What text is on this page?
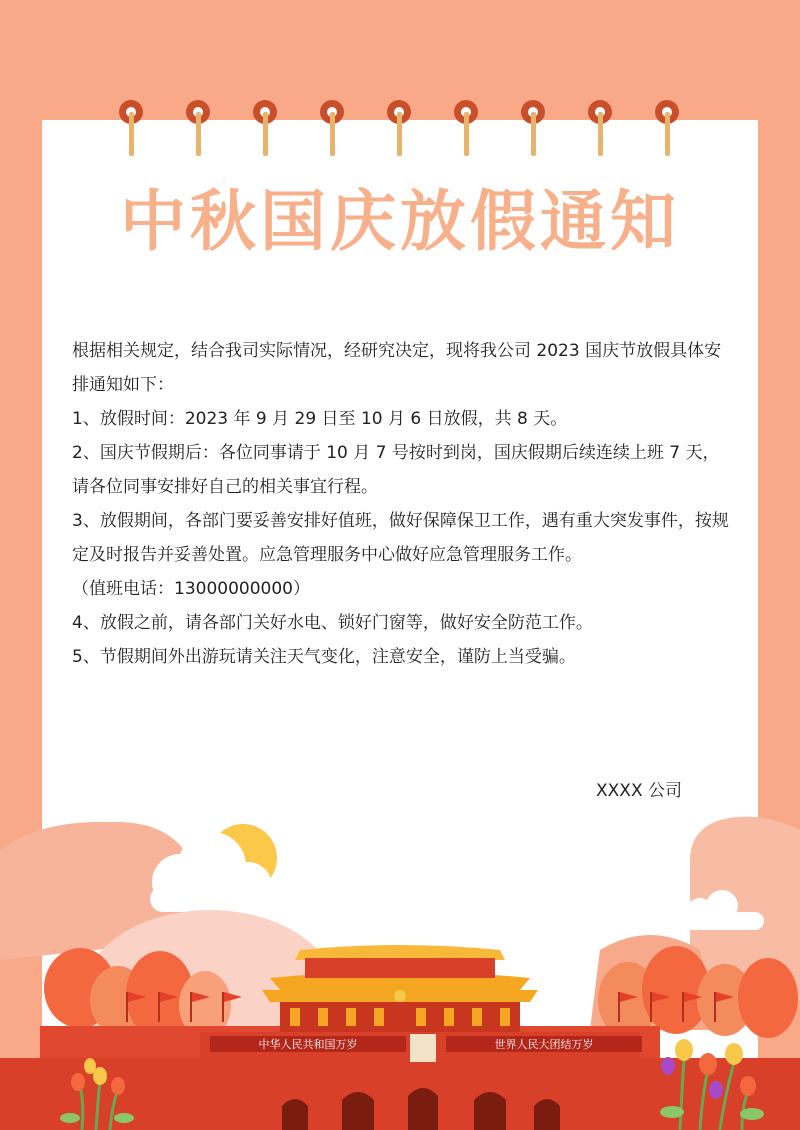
中秋国庆放假通知

根据相关规定，结合我司实际情况，经研究决定，现将我公司 2023 国庆节放假具体安排通知如下：

1、放假时间：2023 年 9 月 29 日至 10 月 6 日放假，共 8 天。

2、国庆节假期后：各位同事请于 10 月 7 号按时到岗，国庆假期后续连续上班 7 天，请各位同事安排好自己的相关事宜行程。

3、放假期间，各部门要妥善安排好值班，做好保障保卫工作，遇有重大突发事件，按规定及时报告并妥善处置。应急管理服务中心做好应急管理服务工作。

（值班电话：13000000000）

4、放假之前，请各部门关好水电、锁好门窗等，做好安全防范工作。

5、节假期间外出游玩请关注天气变化，注意安全，谨防上当受骗。

XXXX 公司
中华人民共和国万岁	世界人民大团结万岁
